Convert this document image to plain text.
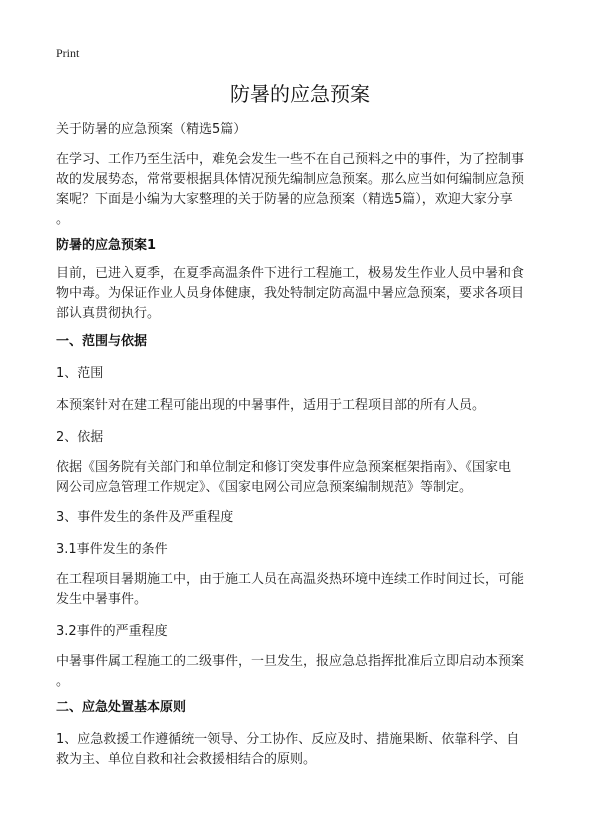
Print
防暑的应急预案

关于防暑的应急预案（精选5篇）

在学习、工作乃至生活中，难免会发生一些不在自己预料之中的事件，为了控制事
故的发展势态，常常要根据具体情况预先编制应急预案。那么应当如何编制应急预
案呢？下面是小编为大家整理的关于防暑的应急预案（精选5篇），欢迎大家分享
。

防暑的应急预案1

目前，已进入夏季，在夏季高温条件下进行工程施工，极易发生作业人员中暑和食
物中毒。为保证作业人员身体健康，我处特制定防高温中暑应急预案，要求各项目
部认真贯彻执行。

一、范围与依据

1、范围

本预案针对在建工程可能出现的中暑事件，适用于工程项目部的所有人员。

2、依据

依据《国务院有关部门和单位制定和修订突发事件应急预案框架指南》、《国家电
网公司应急管理工作规定》、《国家电网公司应急预案编制规范》等制定。

3、事件发生的条件及严重程度

3.1事件发生的条件

在工程项目暑期施工中，由于施工人员在高温炎热环境中连续工作时间过长，可能
发生中暑事件。

3.2事件的严重程度

中暑事件属工程施工的二级事件，一旦发生，报应急总指挥批准后立即启动本预案
。

二、应急处置基本原则

1、应急救援工作遵循统一领导、分工协作、反应及时、措施果断、依靠科学、自
救为主、单位自救和社会救援相结合的原则。
